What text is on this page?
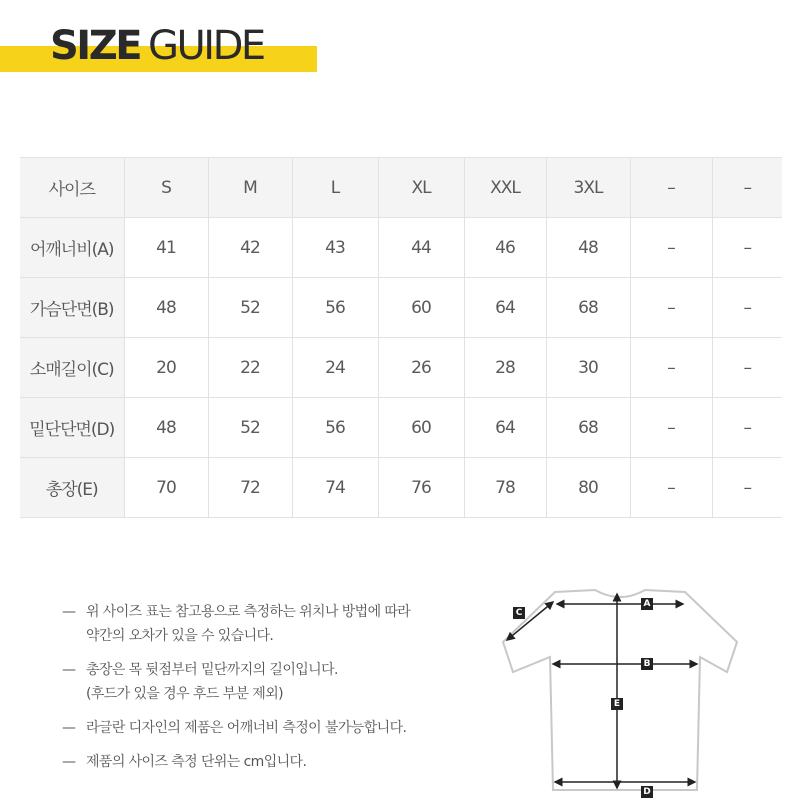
SIZE GUIDE
사이즈	S	M	L	XL	XXL	3XL	–	–
어깨너비(A)	41	42	43	44	46	48	–	–
가슴단면(B)	48	52	56	60	64	68	–	–
소매길이(C)	20	22	24	26	28	30	–	–
밑단단면(D)	48	52	56	60	64	68	–	–
총장(E)	70	72	74	76	78	80	–	–
— 위 사이즈 표는 참고용으로 측정하는 위치나 방법에 따라
약간의 오차가 있을 수 있습니다.
— 총장은 목 뒷점부터 밑단까지의 길이입니다.
(후드가 있을 경우 후드 부분 제외)
— 라글란 디자인의 제품은 어깨너비 측정이 불가능합니다.
— 제품의 사이즈 측정 단위는 cm입니다.
A
B
C
D
E
